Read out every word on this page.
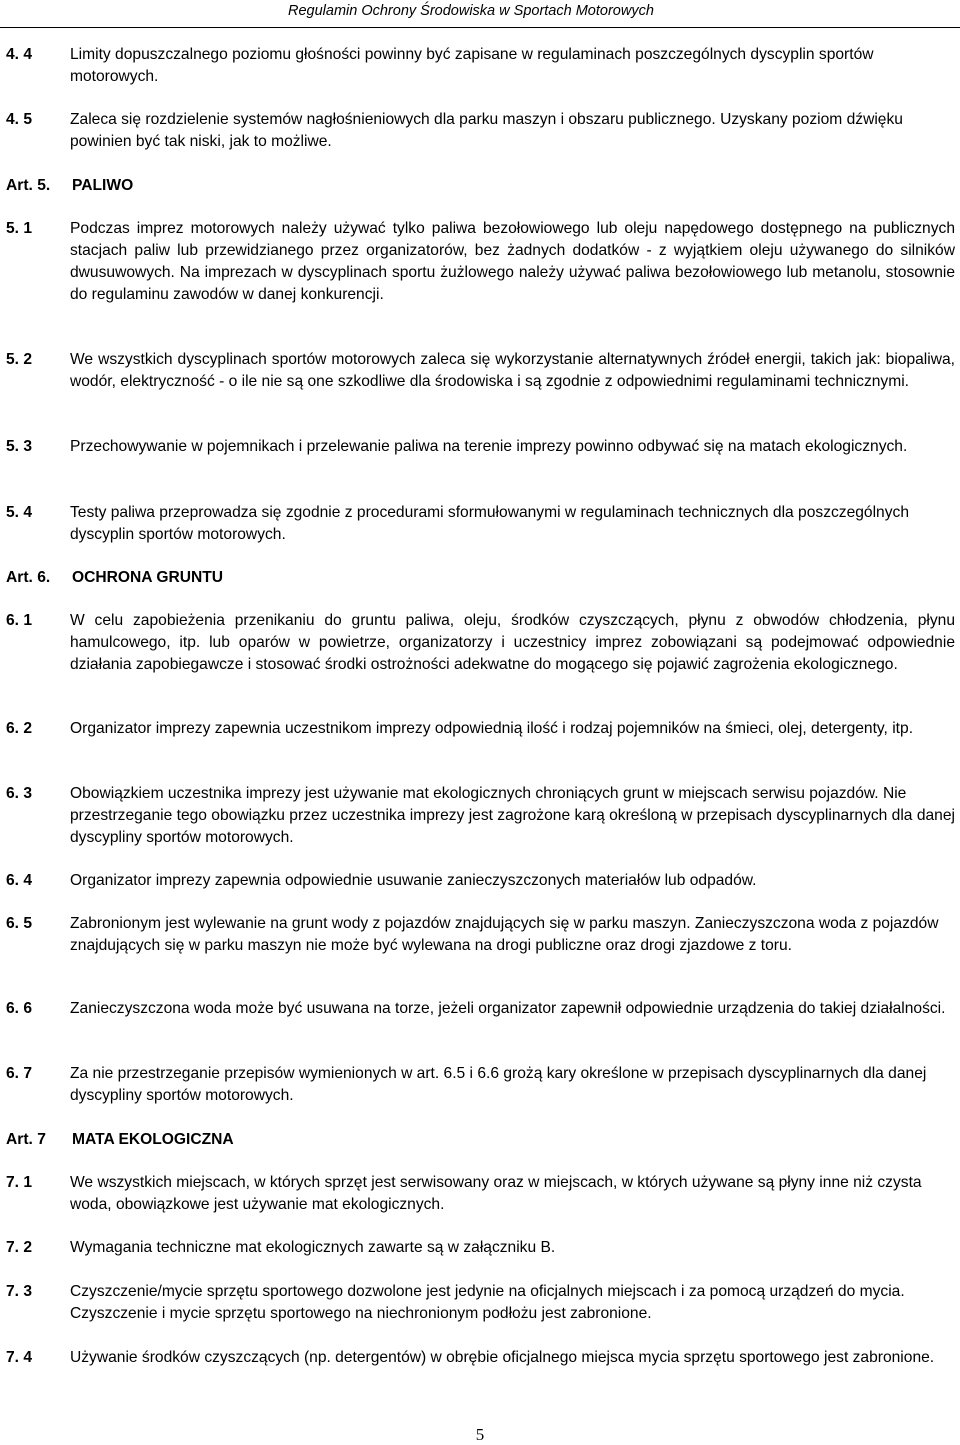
Regulamin Ochrony Środowiska w Sportach Motorowych
4. 4 Limity dopuszczalnego poziomu głośności powinny być zapisane w regulaminach poszczególnych dyscyplin sportów motorowych.
4. 5 Zaleca się rozdzielenie systemów nagłośnieniowych dla parku maszyn i obszaru publicznego. Uzyskany poziom dźwięku powinien być tak niski, jak to możliwe.
Art. 5. PALIWO
5. 1 Podczas imprez motorowych należy używać tylko paliwa bezołowiowego lub oleju napędowego dostępnego na publicznych stacjach paliw lub przewidzianego przez organizatorów, bez żadnych dodatków - z wyjątkiem oleju używanego do silników dwusuwowych. Na imprezach w dyscyplinach sportu żużlowego należy używać paliwa bezołowiowego lub metanolu, stosownie do regulaminu zawodów w danej konkurencji.
5. 2 We wszystkich dyscyplinach sportów motorowych zaleca się wykorzystanie alternatywnych źródeł energii, takich jak: biopaliwa, wodór, elektryczność - o ile nie są one szkodliwe dla środowiska i są zgodnie z odpowiednimi regulaminami technicznymi.
5. 3 Przechowywanie w pojemnikach i przelewanie paliwa na terenie imprezy powinno odbywać się na matach ekologicznych.
5. 4 Testy paliwa przeprowadza się zgodnie z procedurami sformułowanymi w regulaminach technicznych dla poszczególnych dyscyplin sportów motorowych.
Art. 6. OCHRONA GRUNTU
6. 1 W celu zapobieżenia przenikaniu do gruntu paliwa, oleju, środków czyszczących, płynu z obwodów chłodzenia, płynu hamulcowego, itp. lub oparów w powietrze, organizatorzy i uczestnicy imprez zobowiązani są podejmować odpowiednie działania zapobiegawcze i stosować środki ostrożności adekwatne do mogącego się pojawić zagrożenia ekologicznego.
6. 2 Organizator imprezy zapewnia uczestnikom imprezy odpowiednią ilość i rodzaj pojemników na śmieci, olej, detergenty, itp.
6. 3 Obowiązkiem uczestnika imprezy jest używanie mat ekologicznych chroniących grunt w miejscach serwisu pojazdów. Nie przestrzeganie tego obowiązku przez uczestnika imprezy jest zagrożone karą określoną w przepisach dyscyplinarnych dla danej dyscypliny sportów motorowych.
6. 4 Organizator imprezy zapewnia odpowiednie usuwanie zanieczyszczonych materiałów lub odpadów.
6. 5 Zabronionym jest wylewanie na grunt wody z pojazdów znajdujących się w parku maszyn. Zanieczyszczona woda z pojazdów znajdujących się w parku maszyn nie może być wylewana na drogi publiczne oraz drogi zjazdowe z toru.
6. 6 Zanieczyszczona woda może być usuwana na torze, jeżeli organizator zapewnił odpowiednie urządzenia do takiej działalności.
6. 7 Za nie przestrzeganie przepisów wymienionych w art. 6.5 i 6.6 grożą kary określone w przepisach dyscyplinarnych dla danej dyscypliny sportów motorowych.
Art. 7 MATA EKOLOGICZNA
7. 1 We wszystkich miejscach, w których sprzęt jest serwisowany oraz w miejscach, w których używane są płyny inne niż czysta woda, obowiązkowe jest używanie mat ekologicznych.
7. 2 Wymagania techniczne mat ekologicznych zawarte są w załączniku B.
7. 3 Czyszczenie/mycie sprzętu sportowego dozwolone jest jedynie na oficjalnych miejscach i za pomocą urządzeń do mycia. Czyszczenie i mycie sprzętu sportowego na niechronionym podłożu jest zabronione.
7. 4 Używanie środków czyszczących (np. detergentów) w obrębie oficjalnego miejsca mycia sprzętu sportowego jest zabronione.
5
